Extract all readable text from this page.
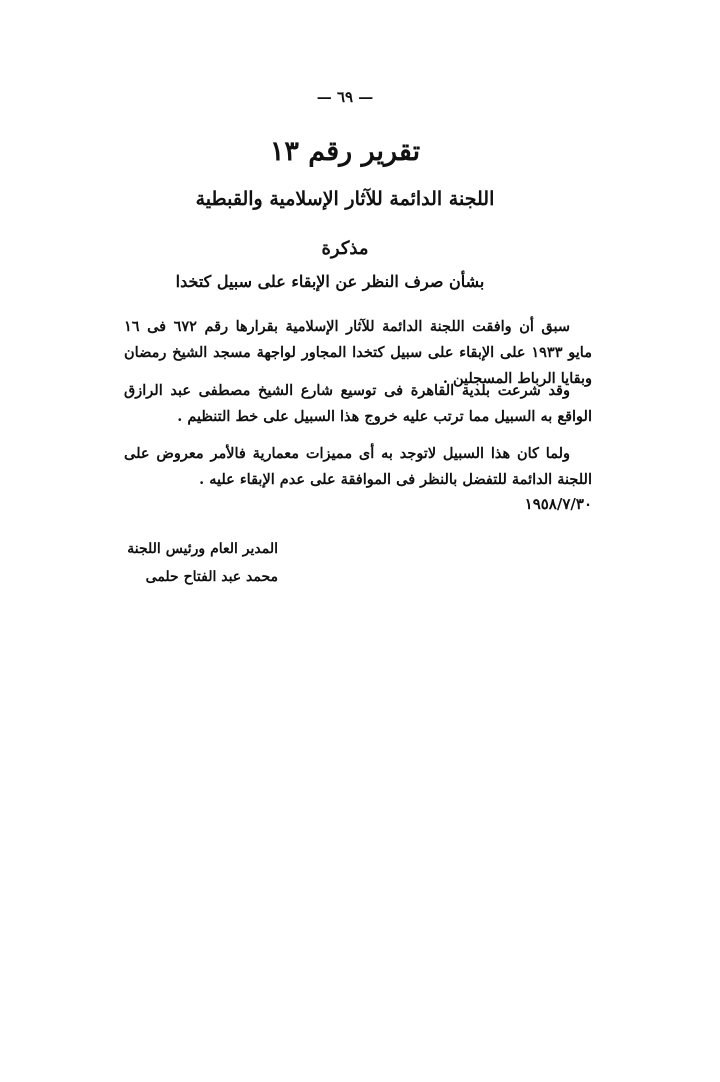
— ٦٩ —
تقرير رقم ١٣
اللجنة الدائمة للآثار الإسلامية والقبطية
مذكرة
بشأن صرف النظر عن الإبقاء على سبيل كتخدا
سبق أن وافقت اللجنة الدائمة للآثار الإسلامية بقرارها رقم ٦٧٢ فى ١٦ مايو ١٩٣٣ على الإبقاء على سبيل كتخدا المجاور لواجهة مسجد الشيخ رمضان وبقايا الرباط المسجلين .
وقد شرعت بلدية القاهرة فى توسيع شارع الشيخ مصطفى عبد الرازق الواقع به السبيل مما ترتب عليه خروج هذا السبيل على خط التنظيم .
ولما كان هذا السبيل لاتوجد به أى مميزات معمارية فالأمر معروض على اللجنة الدائمة للتفضل بالنظر فى الموافقة على عدم الإبقاء عليه .
١٩٥٨/٧/٣٠
المدير العام ورئيس اللجنة
محمد عبد الفتاح حلمى
